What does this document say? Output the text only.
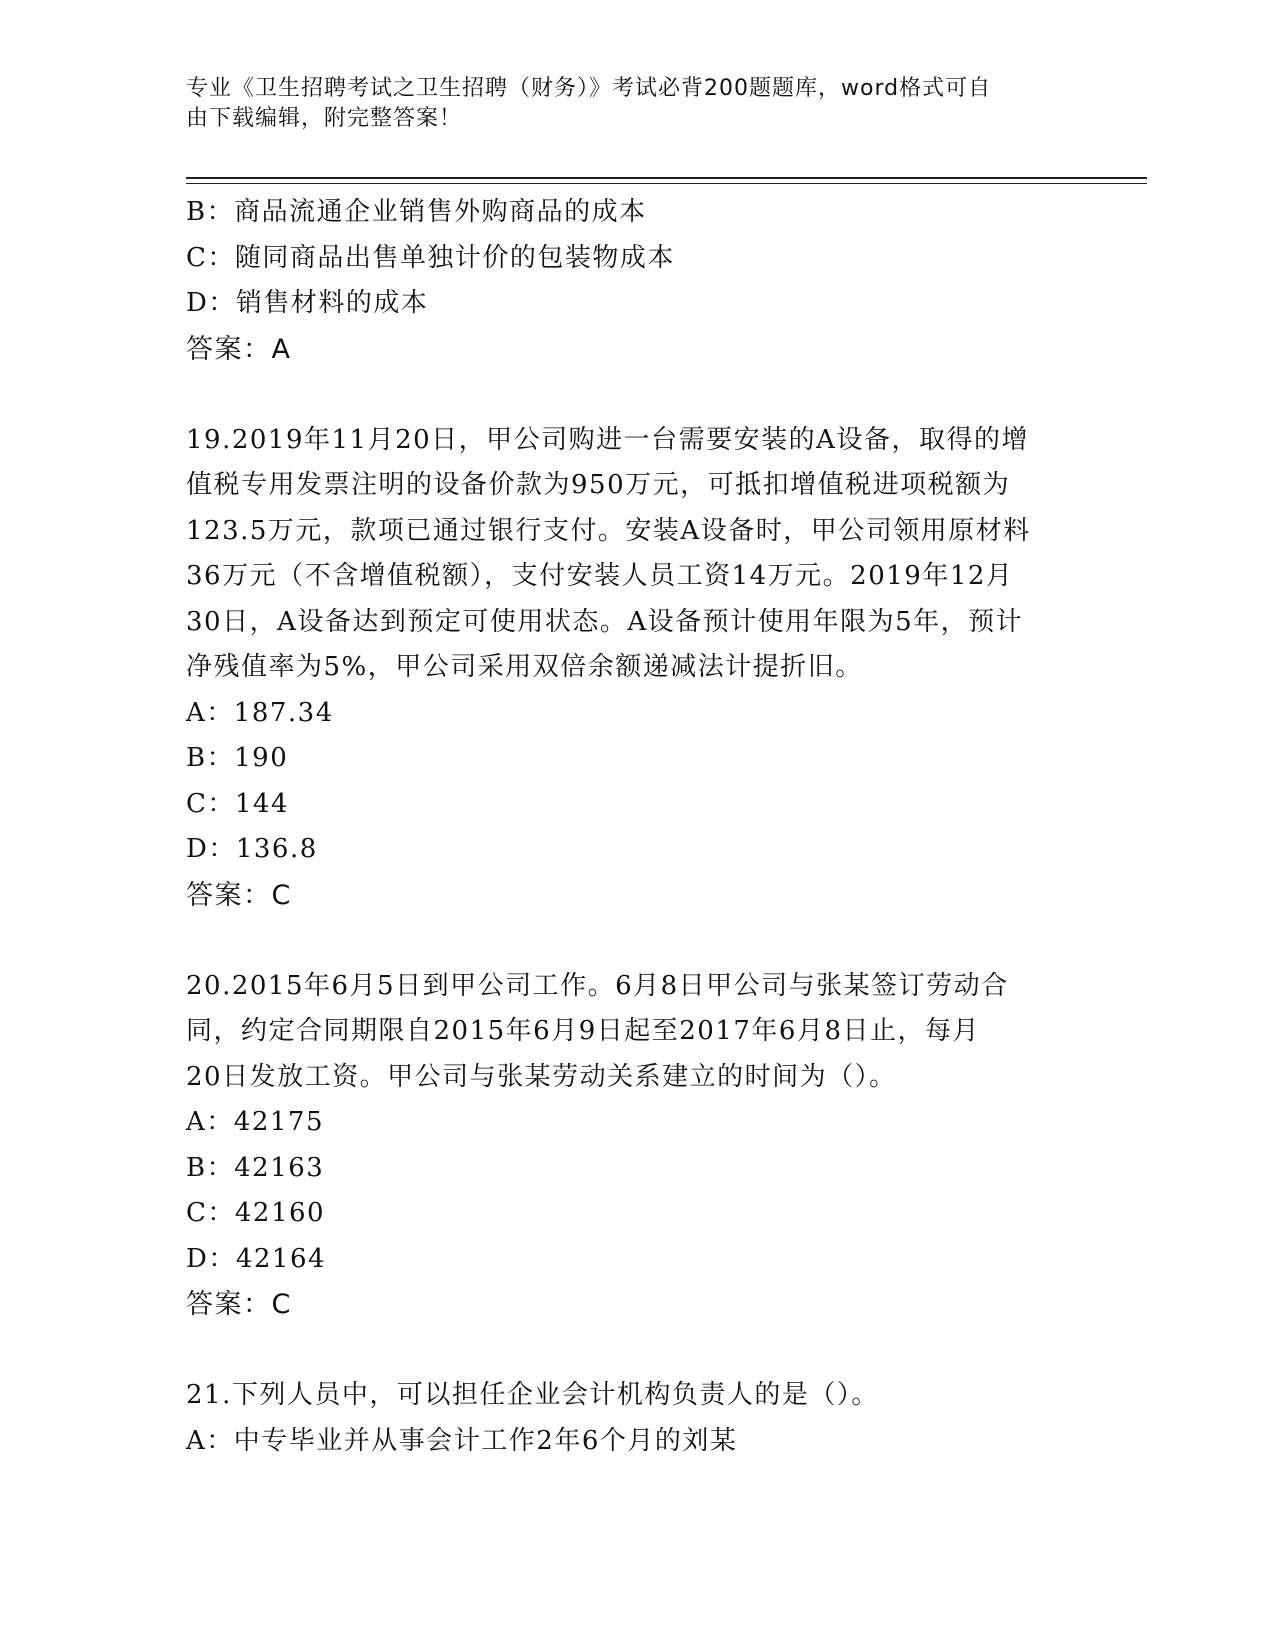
专业《卫生招聘考试之卫生招聘（财务）》考试必背200题题库，word格式可自
由下载编辑，附完整答案！
B：商品流通企业销售外购商品的成本
C：随同商品出售单独计价的包装物成本
D：销售材料的成本
答案：A
19.2019年11月20日，甲公司购进一台需要安装的A设备，取得的增
值税专用发票注明的设备价款为950万元，可抵扣增值税进项税额为
123.5万元，款项已通过银行支付。安装A设备时，甲公司领用原材料
36万元（不含增值税额），支付安装人员工资14万元。2019年12月
30日，A设备达到预定可使用状态。A设备预计使用年限为5年，预计
净残值率为5%，甲公司采用双倍余额递减法计提折旧。
A：187.34
B：190
C：144
D：136.8
答案：C
20.2015年6月5日到甲公司工作。6月8日甲公司与张某签订劳动合
同，约定合同期限自2015年6月9日起至2017年6月8日止，每月
20日发放工资。甲公司与张某劳动关系建立的时间为（）。
A：42175
B：42163
C：42160
D：42164
答案：C
21.下列人员中，可以担任企业会计机构负责人的是（）。
A：中专毕业并从事会计工作2年6个月的刘某
